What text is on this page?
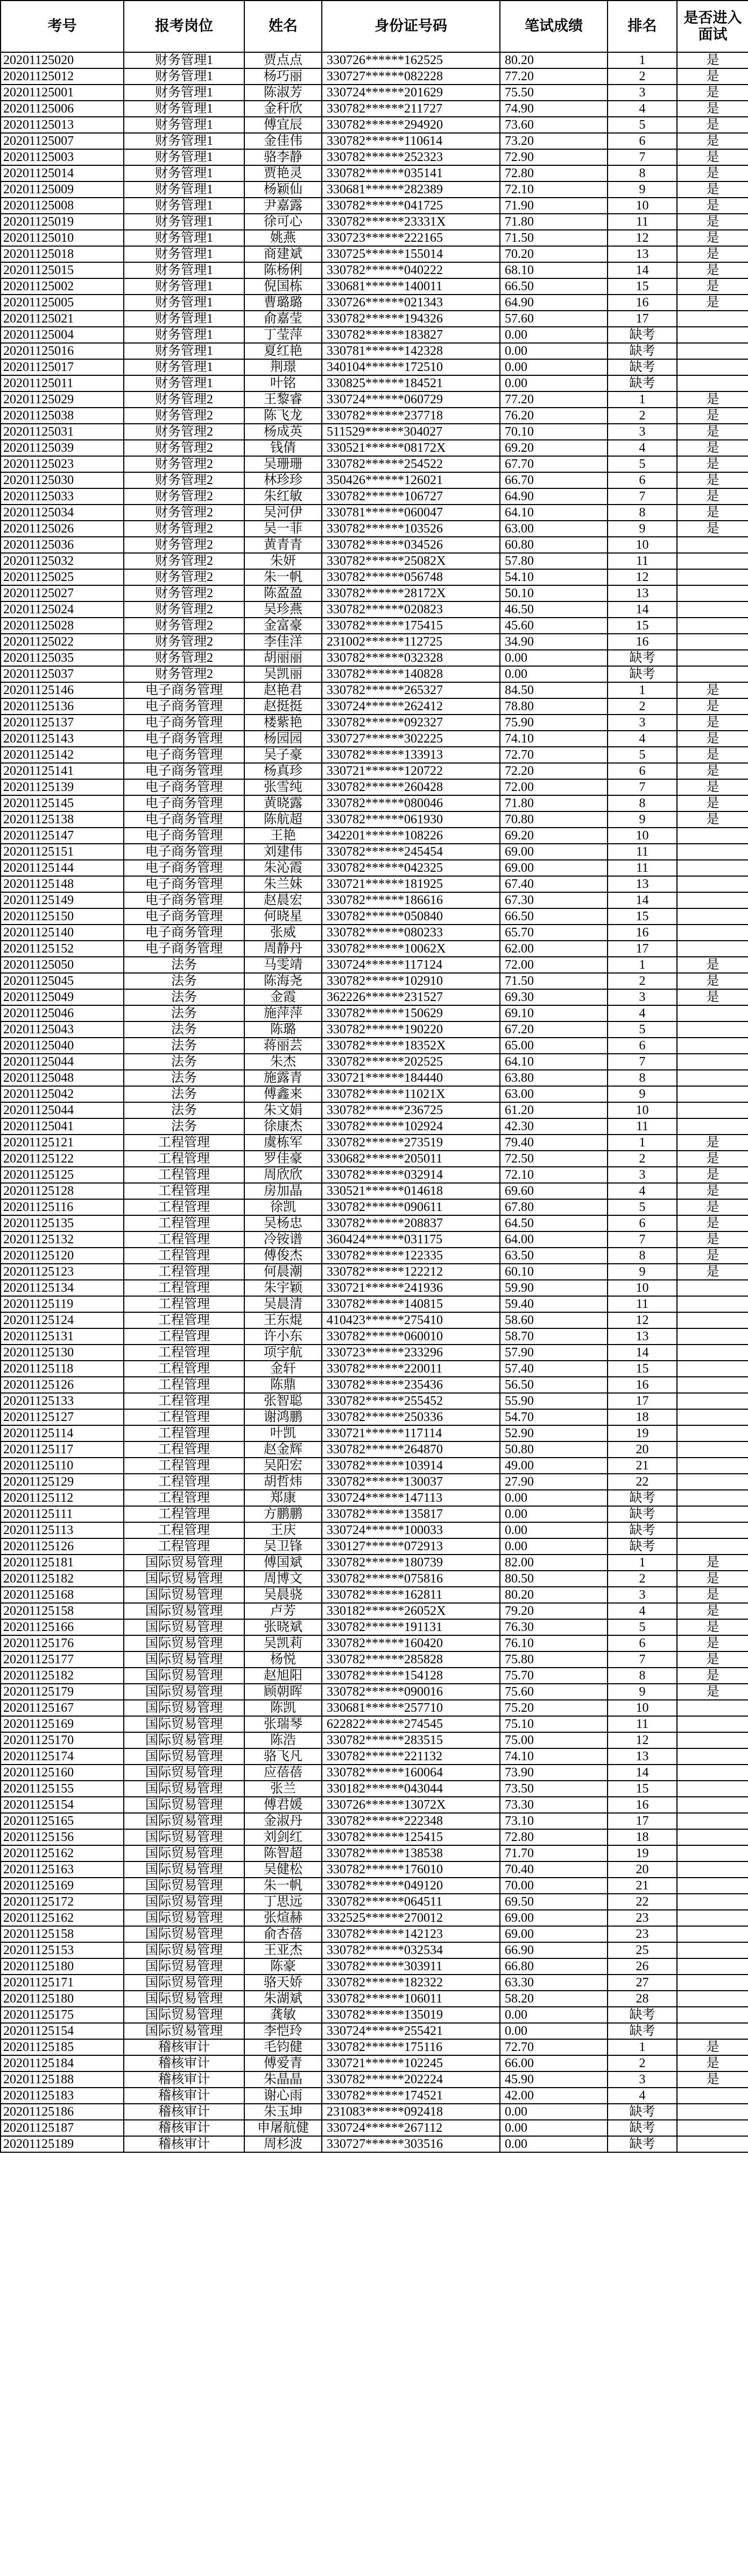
考号	报考岗位	姓名	身份证号码	笔试成绩	排名	是否进入面试
20201125020	财务管理1	贾点点	330726******162525	80.20	1	是
20201125012	财务管理1	杨巧丽	330727******082228	77.20	2	是
20201125001	财务管理1	陈淑芳	330724******201629	75.50	3	是
20201125006	财务管理1	金秆欣	330782******211727	74.90	4	是
20201125013	财务管理1	傅宜辰	330782******294920	73.60	5	是
20201125007	财务管理1	金佳伟	330782******110614	73.20	6	是
20201125003	财务管理1	骆李静	330782******252323	72.90	7	是
20201125014	财务管理1	贾艳灵	330782******035141	72.80	8	是
20201125009	财务管理1	杨颖仙	330681******282389	72.10	9	是
20201125008	财务管理1	尹嘉露	330782******041725	71.90	10	是
20201125019	财务管理1	徐可心	330782******23331X	71.80	11	是
20201125010	财务管理1	姚燕	330723******222165	71.50	12	是
20201125018	财务管理1	商建斌	330725******155014	70.20	13	是
20201125015	财务管理1	陈杨俐	330782******040222	68.10	14	是
20201125002	财务管理1	倪国栋	330681******140011	66.50	15	是
20201125005	财务管理1	曹璐璐	330726******021343	64.90	16	是
20201125021	财务管理1	俞嘉莹	330782******194326	57.60	17	
20201125004	财务管理1	丁莹萍	330782******183827	0.00	缺考	
20201125016	财务管理1	夏红艳	330781******142328	0.00	缺考	
20201125017	财务管理1	荆璟	340104******172510	0.00	缺考	
20201125011	财务管理1	叶铭	330825******184521	0.00	缺考	
20201125029	财务管理2	王黎睿	330724******060729	77.20	1	是
20201125038	财务管理2	陈飞龙	330782******237718	76.20	2	是
20201125031	财务管理2	杨成英	511529******304027	70.10	3	是
20201125039	财务管理2	钱倩	330521******08172X	69.20	4	是
20201125023	财务管理2	吴珊珊	330782******254522	67.70	5	是
20201125030	财务管理2	林珍珍	350426******126021	66.70	6	是
20201125033	财务管理2	朱红敏	330782******106727	64.90	7	是
20201125034	财务管理2	吴河伊	330781******060047	64.10	8	是
20201125026	财务管理2	吴一菲	330782******103526	63.00	9	是
20201125036	财务管理2	黄青青	330782******034526	60.80	10	
20201125032	财务管理2	朱妍	330782******25082X	57.80	11	
20201125025	财务管理2	朱一帆	330782******056748	54.10	12	
20201125027	财务管理2	陈盈盈	330782******28172X	50.10	13	
20201125024	财务管理2	吴珍燕	330782******020823	46.50	14	
20201125028	财务管理2	金富豪	330782******175415	45.60	15	
20201125022	财务管理2	李佳洋	231002******112725	34.90	16	
20201125035	财务管理2	胡丽丽	330782******032328	0.00	缺考	
20201125037	财务管理2	吴凯丽	330782******140828	0.00	缺考	
20201125146	电子商务管理	赵艳君	330782******265327	84.50	1	是
20201125136	电子商务管理	赵挺挺	330724******262412	78.80	2	是
20201125137	电子商务管理	楼紫艳	330782******092327	75.90	3	是
20201125143	电子商务管理	杨园园	330727******302225	74.10	4	是
20201125142	电子商务管理	吴子豪	330782******133913	72.70	5	是
20201125141	电子商务管理	杨真珍	330721******120722	72.20	6	是
20201125139	电子商务管理	张雪纯	330782******260428	72.00	7	是
20201125145	电子商务管理	黄晓露	330782******080046	71.80	8	是
20201125138	电子商务管理	陈航超	330782******061930	70.80	9	是
20201125147	电子商务管理	王艳	342201******108226	69.20	10	
20201125151	电子商务管理	刘建伟	330782******245454	69.00	11	
20201125144	电子商务管理	朱沁霞	330782******042325	69.00	11	
20201125148	电子商务管理	朱兰妹	330721******181925	67.40	13	
20201125149	电子商务管理	赵晨宏	330782******186616	67.30	14	
20201125150	电子商务管理	何晓星	330782******050840	66.50	15	
20201125140	电子商务管理	张威	330782******080233	65.70	16	
20201125152	电子商务管理	周静丹	330782******10062X	62.00	17	
20201125050	法务	马雯靖	330724******117124	72.00	1	是
20201125045	法务	陈海尧	330782******102910	71.50	2	是
20201125049	法务	金霞	362226******231527	69.30	3	是
20201125046	法务	施萍萍	330782******150629	69.10	4	
20201125043	法务	陈璐	330782******190220	67.20	5	
20201125040	法务	蒋丽芸	330782******18352X	65.00	6	
20201125044	法务	朱杰	330782******202525	64.10	7	
20201125048	法务	施露青	330721******184440	63.80	8	
20201125042	法务	傅鑫来	330782******11021X	63.00	9	
20201125044	法务	朱文娟	330782******236725	61.20	10	
20201125041	法务	徐康杰	330782******102924	42.30	11	
20201125121	工程管理	虞栋军	330782******273519	79.40	1	是
20201125122	工程管理	罗佳豪	330682******205011	72.50	2	是
20201125125	工程管理	周欣欣	330782******032914	72.10	3	是
20201125128	工程管理	房加晶	330521******014618	69.60	4	是
20201125116	工程管理	徐凯	330782******090611	67.80	5	是
20201125135	工程管理	吴杨忠	330782******208837	64.50	6	是
20201125132	工程管理	冷铵谱	360424******031175	64.00	7	是
20201125120	工程管理	傅俊杰	330782******122335	63.50	8	是
20201125123	工程管理	何晨潮	330782******122212	60.10	9	是
20201125134	工程管理	朱宇颖	330721******241936	59.90	10	
20201125119	工程管理	吴晨清	330782******140815	59.40	11	
20201125124	工程管理	王东焜	410423******275410	58.60	12	
20201125131	工程管理	许小东	330782******060010	58.70	13	
20201125130	工程管理	项宇航	330723******233296	57.90	14	
20201125118	工程管理	金轩	330782******220011	57.40	15	
20201125126	工程管理	陈鼎	330782******235436	56.50	16	
20201125133	工程管理	张智聪	330782******255452	55.90	17	
20201125127	工程管理	谢鸿鹏	330782******250336	54.70	18	
20201125114	工程管理	叶凯	330721******117114	52.90	19	
20201125117	工程管理	赵金辉	330782******264870	50.80	20	
20201125110	工程管理	吴阳宏	330782******103914	49.00	21	
20201125129	工程管理	胡哲炜	330782******130037	27.90	22	
20201125112	工程管理	郑康	330724******147113	0.00	缺考	
20201125111	工程管理	方鹏鹏	330782******135817	0.00	缺考	
20201125113	工程管理	王庆	330724******100033	0.00	缺考	
20201125126	工程管理	吴卫锋	330127******072913	0.00	缺考	
20201125181	国际贸易管理	傅国斌	330782******180739	82.00	1	是
20201125182	国际贸易管理	周博文	330782******075816	80.50	2	是
20201125168	国际贸易管理	吴晨骁	330782******162811	80.20	3	是
20201125158	国际贸易管理	卢芳	330182******26052X	79.20	4	是
20201125166	国际贸易管理	张晓斌	330782******191131	76.30	5	是
20201125176	国际贸易管理	吴凯莉	330782******160420	76.10	6	是
20201125177	国际贸易管理	杨悦	330782******285828	75.80	7	是
20201125182	国际贸易管理	赵旭阳	330782******154128	75.70	8	是
20201125179	国际贸易管理	顾朝晖	330782******090016	75.60	9	是
20201125167	国际贸易管理	陈凯	330681******257710	75.20	10	
20201125169	国际贸易管理	张瑞琴	622822******274545	75.10	11	
20201125170	国际贸易管理	陈浩	330782******283515	75.00	12	
20201125174	国际贸易管理	骆飞凡	330782******221132	74.10	13	
20201125160	国际贸易管理	应蓓蓓	330782******160064	73.90	14	
20201125155	国际贸易管理	张兰	330182******043044	73.50	15	
20201125154	国际贸易管理	傅君媛	330726******13072X	73.30	16	
20201125165	国际贸易管理	金淑丹	330782******222348	73.10	17	
20201125156	国际贸易管理	刘剑红	330782******125415	72.80	18	
20201125162	国际贸易管理	陈智超	330782******138538	71.70	19	
20201125163	国际贸易管理	吴健松	330782******176010	70.40	20	
20201125169	国际贸易管理	朱一帆	330782******049120	70.00	21	
20201125172	国际贸易管理	丁思远	330782******064511	69.50	22	
20201125162	国际贸易管理	张煊赫	332525******270012	69.00	23	
20201125158	国际贸易管理	俞杏蓓	330782******142123	69.00	23	
20201125153	国际贸易管理	王亚杰	330782******032534	66.90	25	
20201125180	国际贸易管理	陈豪	330782******303911	66.80	26	
20201125171	国际贸易管理	骆天娇	330782******182322	63.30	27	
20201125180	国际贸易管理	朱湖斌	330782******106011	58.20	28	
20201125175	国际贸易管理	龚敏	330782******135019	0.00	缺考	
20201125154	国际贸易管理	李恺玲	330724******255421	0.00	缺考	
20201125185	稽核审计	毛钧健	330782******175116	72.70	1	是
20201125184	稽核审计	傅爱青	330721******102245	66.00	2	是
20201125188	稽核审计	朱晶晶	330782******202224	45.90	3	是
20201125183	稽核审计	谢心雨	330782******174521	42.00	4	
20201125186	稽核审计	朱玉坤	231083******092418	0.00	缺考	
20201125187	稽核审计	申屠航健	330724******267112	0.00	缺考	
20201125189	稽核审计	周杉波	330727******303516	0.00	缺考	
